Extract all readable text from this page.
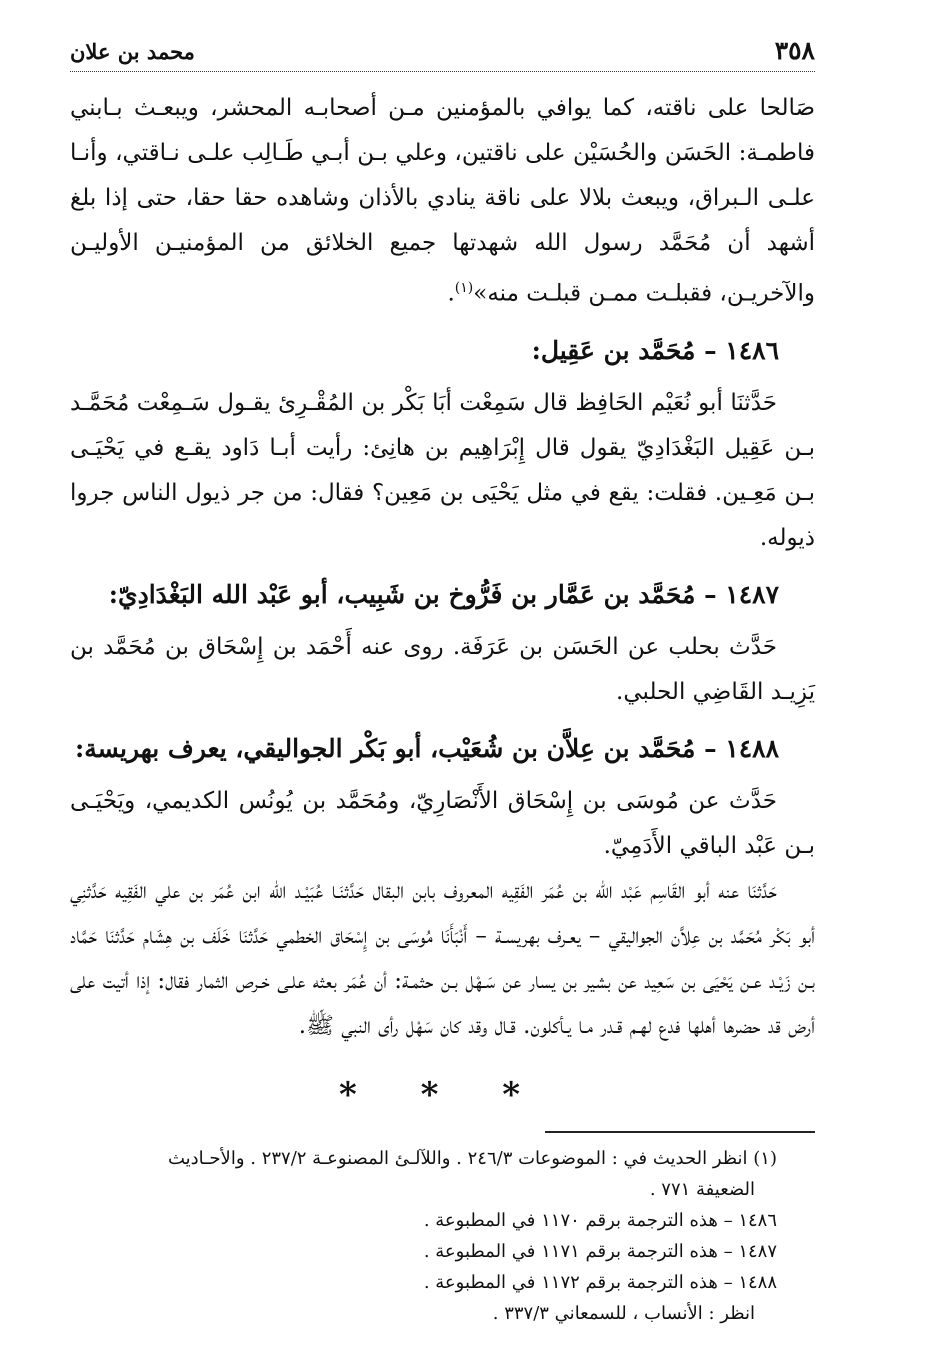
٣٥٨
محمد بن علان

صَالحا على ناقته، كما يوافي بالمؤمنين مـن أصحابـه المحشر، ويبعـث بـابني فاطمـة: الحَسَن والحُسَيْن على ناقتين، وعلي بـن أبـي طَـالِب علـى نـاقتي، وأنـا علـى الـبراق، ويبعث بلالا على ناقة ينادي بالأذان وشاهده حقا حقا، حتى إذا بلغ أشهد أن مُحَمَّد رسول الله شهدتها جميع الخلائق من المؤمنيـن الأوليـن والآخريـن، فقبلـت ممـن قبلـت منه»$^{(١)}$.

١٤٨٦ – مُحَمَّد بن عَقِيل:

حَدَّثنَا أبو نُعَيْم الحَافِظ قال سَمِعْت أبَا بَكْر بن المُقْـرِئ يقـول سَـمِعْت مُحَمَّـد بـن عَقِيل البَغْدَادِيّ يقول قال إِبْرَاهِيم بن هانِئ: رأيت أبـا دَاود يقـع في يَحْيَـى بـن مَعِـين. فقلت: يقع في مثل يَحْيَى بن مَعِين؟ فقال: من جر ذيول الناس جروا ذيوله.

١٤٨٧ – مُحَمَّد بن عَمَّار بن فَرُّوخ بن شَبِيب، أبو عَبْد الله البَغْدَادِيّ:

حَدَّث بحلب عن الحَسَن بن عَرَفَة. روى عنه أَحْمَد بن إِسْحَاق بن مُحَمَّد بن يَزِيـد القَاضِي الحلبي.

١٤٨٨ – مُحَمَّد بن عِلاَّن بن شُعَيْب، أبو بَكْر الجواليقي، يعرف بهريسة:

حَدَّث عن مُوسَى بن إِسْحَاق الأَنْصَارِيّ، ومُحَمَّد بن يُونُس الكديمي، ويَحْيَـى بـن عَبْد الباقي الأَدَمِيّ.

حَدَّثنَا عنه أبو القَاسِم عَبْد الله بن عُمَر الفَقِيه المعروف بابن البقال حَدَّثنَـا عُبَيْـد الله ابن عُمَر بن علي الفَقِيه حَدَّثنِي أبو بَكْر مُحَمَّد بن عِلاَّن الجواليقي – يعـرف بهريسـة – أَنْبَأَنَا مُوسَى بن إِسْحَاق الخطمي حَدَّثنَا خَلَف بن هِشَام حَدَّثنَا حَمَّاد بـن زَيْـد عـن يَحْيَى بن سَعِيد عن بشير بن يسار عن سَـهْل بـن حثمـة: أن عُمَر بعثه علـى خـرص الثمار فقال: إذا أتيت على أرض قد حضرها أهلها فدع لهـم قـدر مـا يـأكلون. قـال وقد كان سَهْل رأى النبي ﷺ.

* * *

(١) انظر الحديث في : الموضوعات ٢٤٦/٣ . واللآلـئ المصنوعـة ٢٣٧/٢ . والأحـاديث

الضعيفة ٧٧١ .

١٤٨٦ – هذه الترجمة برقم ١١٧٠ في المطبوعة .

١٤٨٧ – هذه الترجمة برقم ١١٧١ في المطبوعة .

١٤٨٨ – هذه الترجمة برقم ١١٧٢ في المطبوعة .

انظر : الأنساب ، للسمعاني ٣٣٧/٣ .
